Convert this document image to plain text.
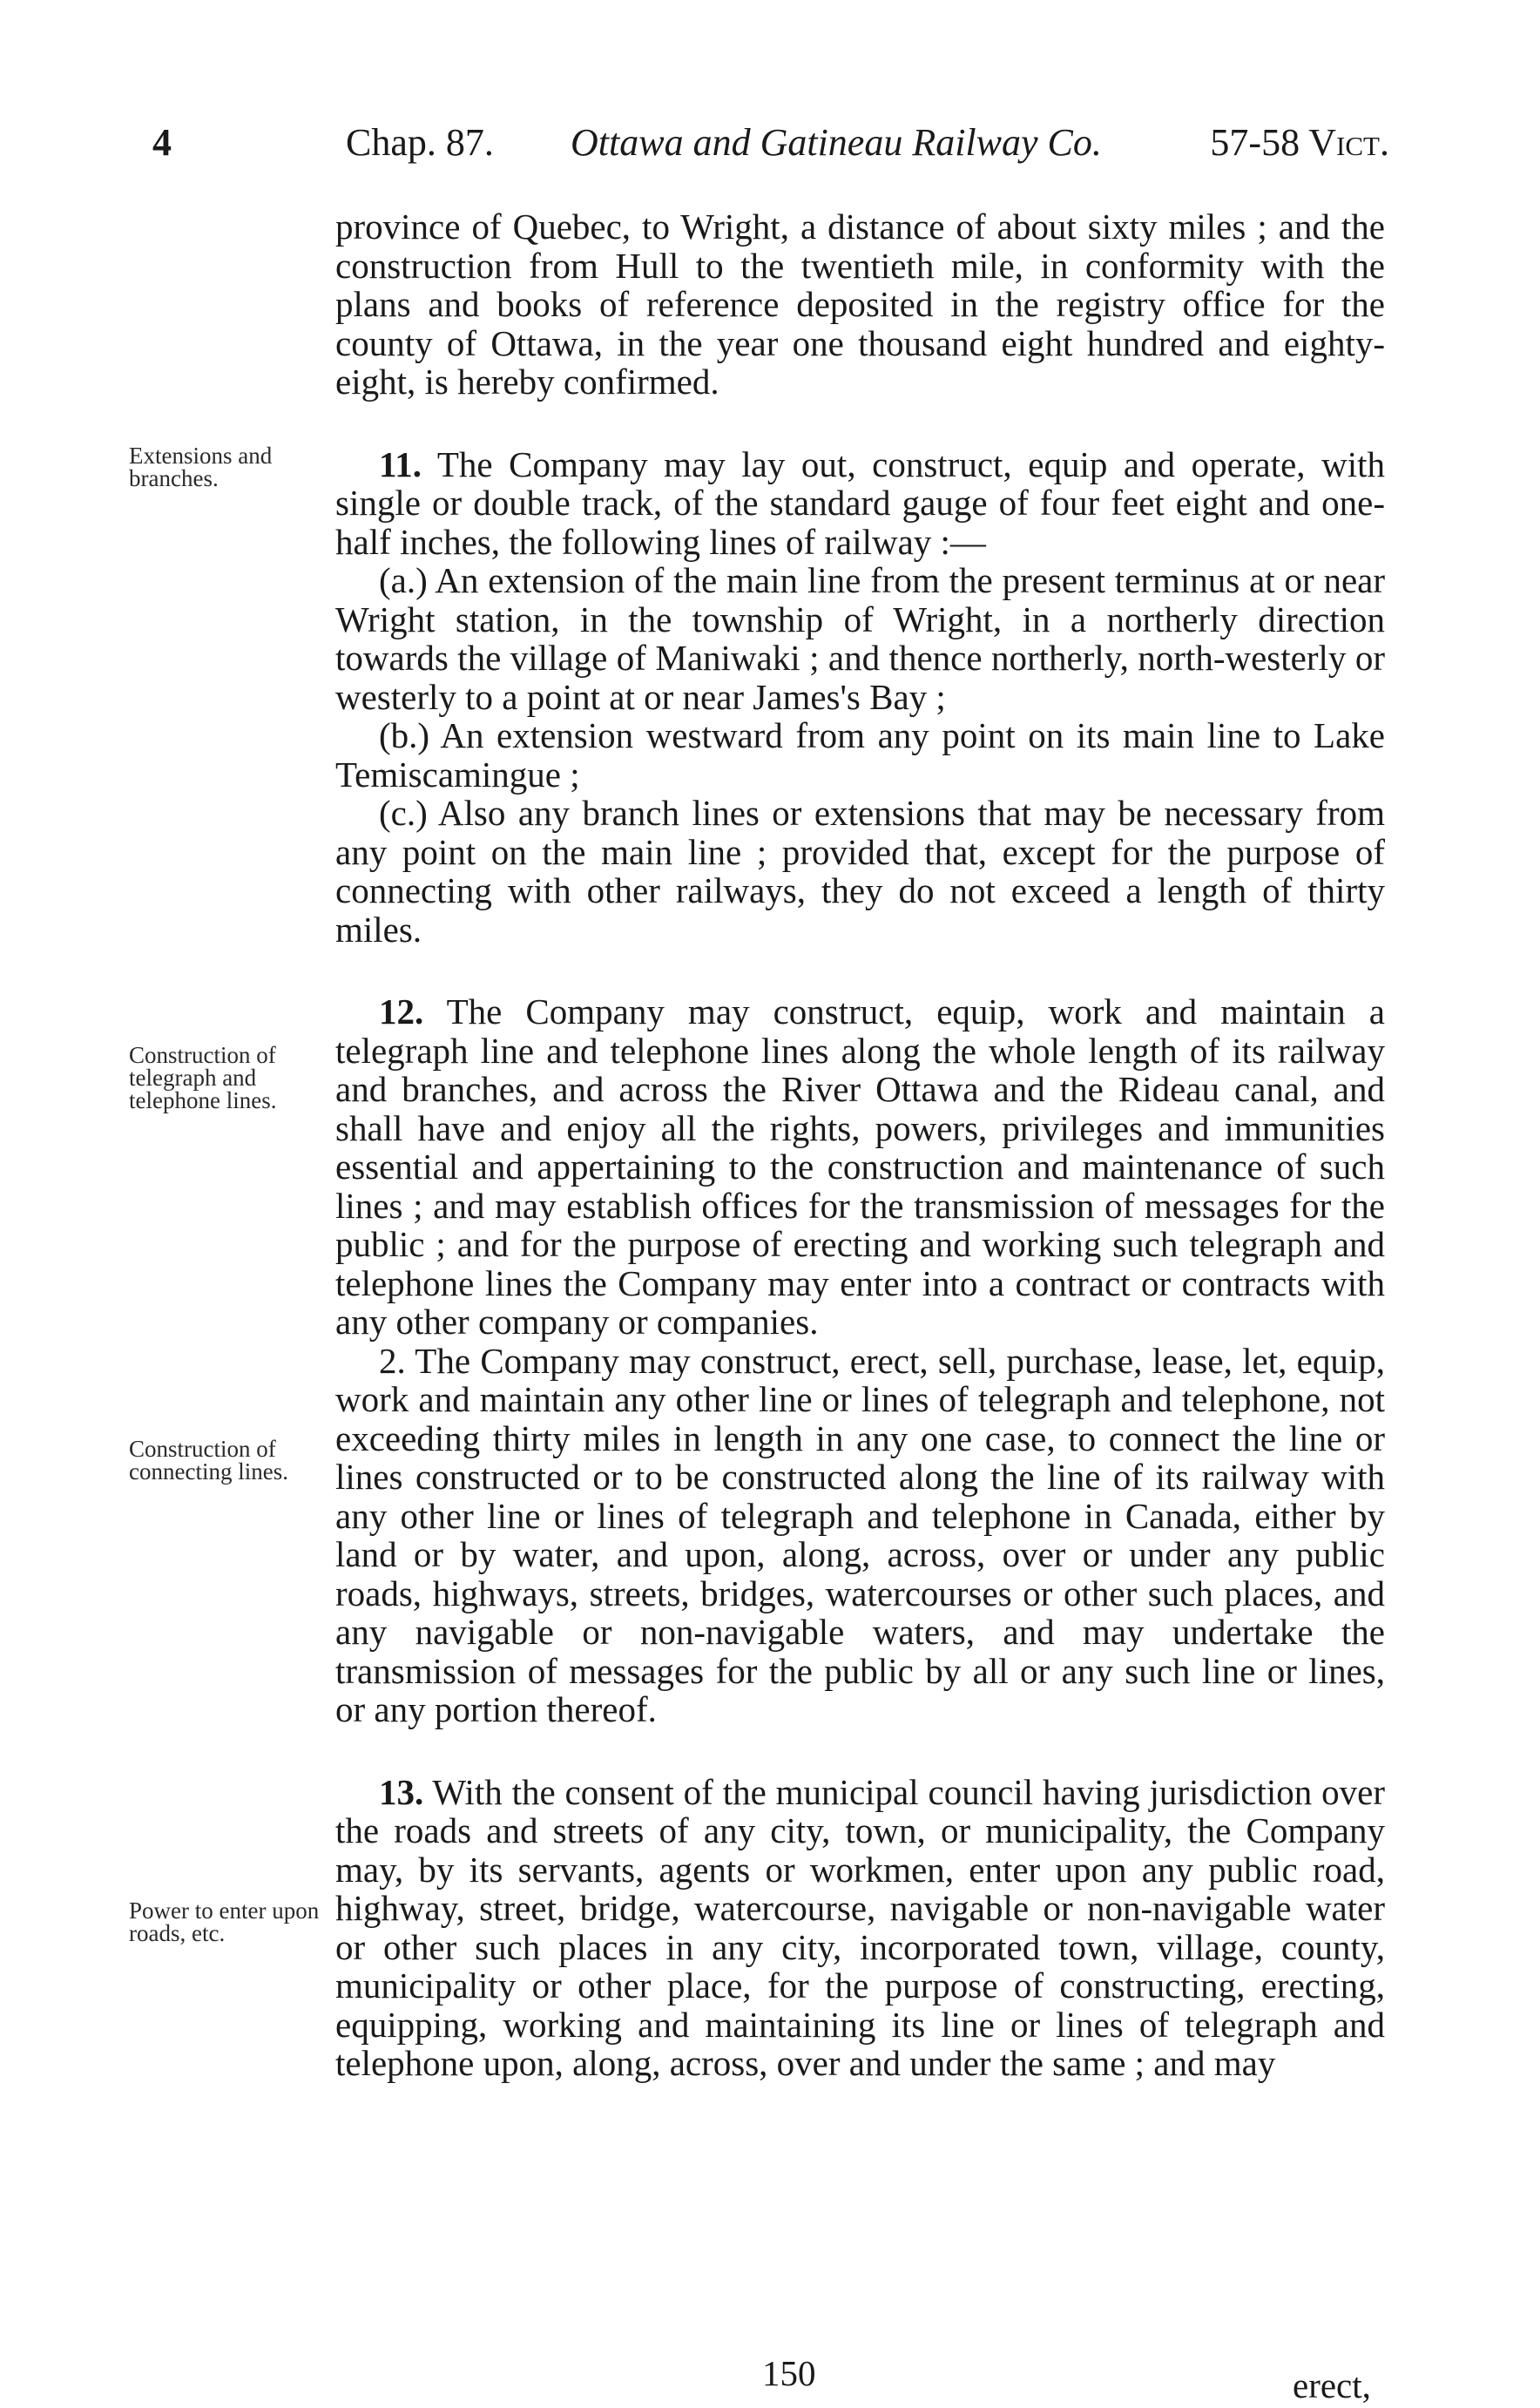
4	Chap. 87. Ottawa and Gatineau Railway Co.	57-58 Vict.
Extensions and branches.
Construction of telegraph and telephone lines.
Construction of connecting lines.
Power to enter upon roads, etc.

province of Quebec, to Wright, a distance of about sixty miles ; and the construction from Hull to the twentieth mile, in conformity with the plans and books of reference deposited in the registry office for the county of Ottawa, in the year one thousand eight hundred and eighty-eight, is hereby confirmed.

11. The Company may lay out, construct, equip and operate, with single or double track, of the standard gauge of four feet eight and one-half inches, the following lines of railway :—

(a.) An extension of the main line from the present terminus at or near Wright station, in the township of Wright, in a northerly direction towards the village of Maniwaki ; and thence northerly, north-westerly or westerly to a point at or near James's Bay ;

(b.) An extension westward from any point on its main line to Lake Temiscamingue ;

(c.) Also any branch lines or extensions that may be necessary from any point on the main line ; provided that, except for the purpose of connecting with other railways, they do not exceed a length of thirty miles.

12. The Company may construct, equip, work and maintain a telegraph line and telephone lines along the whole length of its railway and branches, and across the River Ottawa and the Rideau canal, and shall have and enjoy all the rights, powers, privileges and immunities essential and appertaining to the construction and maintenance of such lines ; and may establish offices for the transmission of messages for the public ; and for the purpose of erecting and working such telegraph and telephone lines the Company may enter into a contract or contracts with any other company or companies.

2. The Company may construct, erect, sell, purchase, lease, let, equip, work and maintain any other line or lines of telegraph and telephone, not exceeding thirty miles in length in any one case, to connect the line or lines constructed or to be constructed along the line of its railway with any other line or lines of telegraph and telephone in Canada, either by land or by water, and upon, along, across, over or under any public roads, highways, streets, bridges, watercourses or other such places, and any navigable or non-navigable waters, and may undertake the transmission of messages for the public by all or any such line or lines, or any portion thereof.

13. With the consent of the municipal council having jurisdiction over the roads and streets of any city, town, or municipality, the Company may, by its servants, agents or workmen, enter upon any public road, highway, street, bridge, watercourse, navigable or non-navigable water or other such places in any city, incorporated town, village, county, municipality or other place, for the purpose of constructing, erecting, equipping, working and maintaining its line or lines of telegraph and telephone upon, along, across, over and under the same ; and may

150	erect,
